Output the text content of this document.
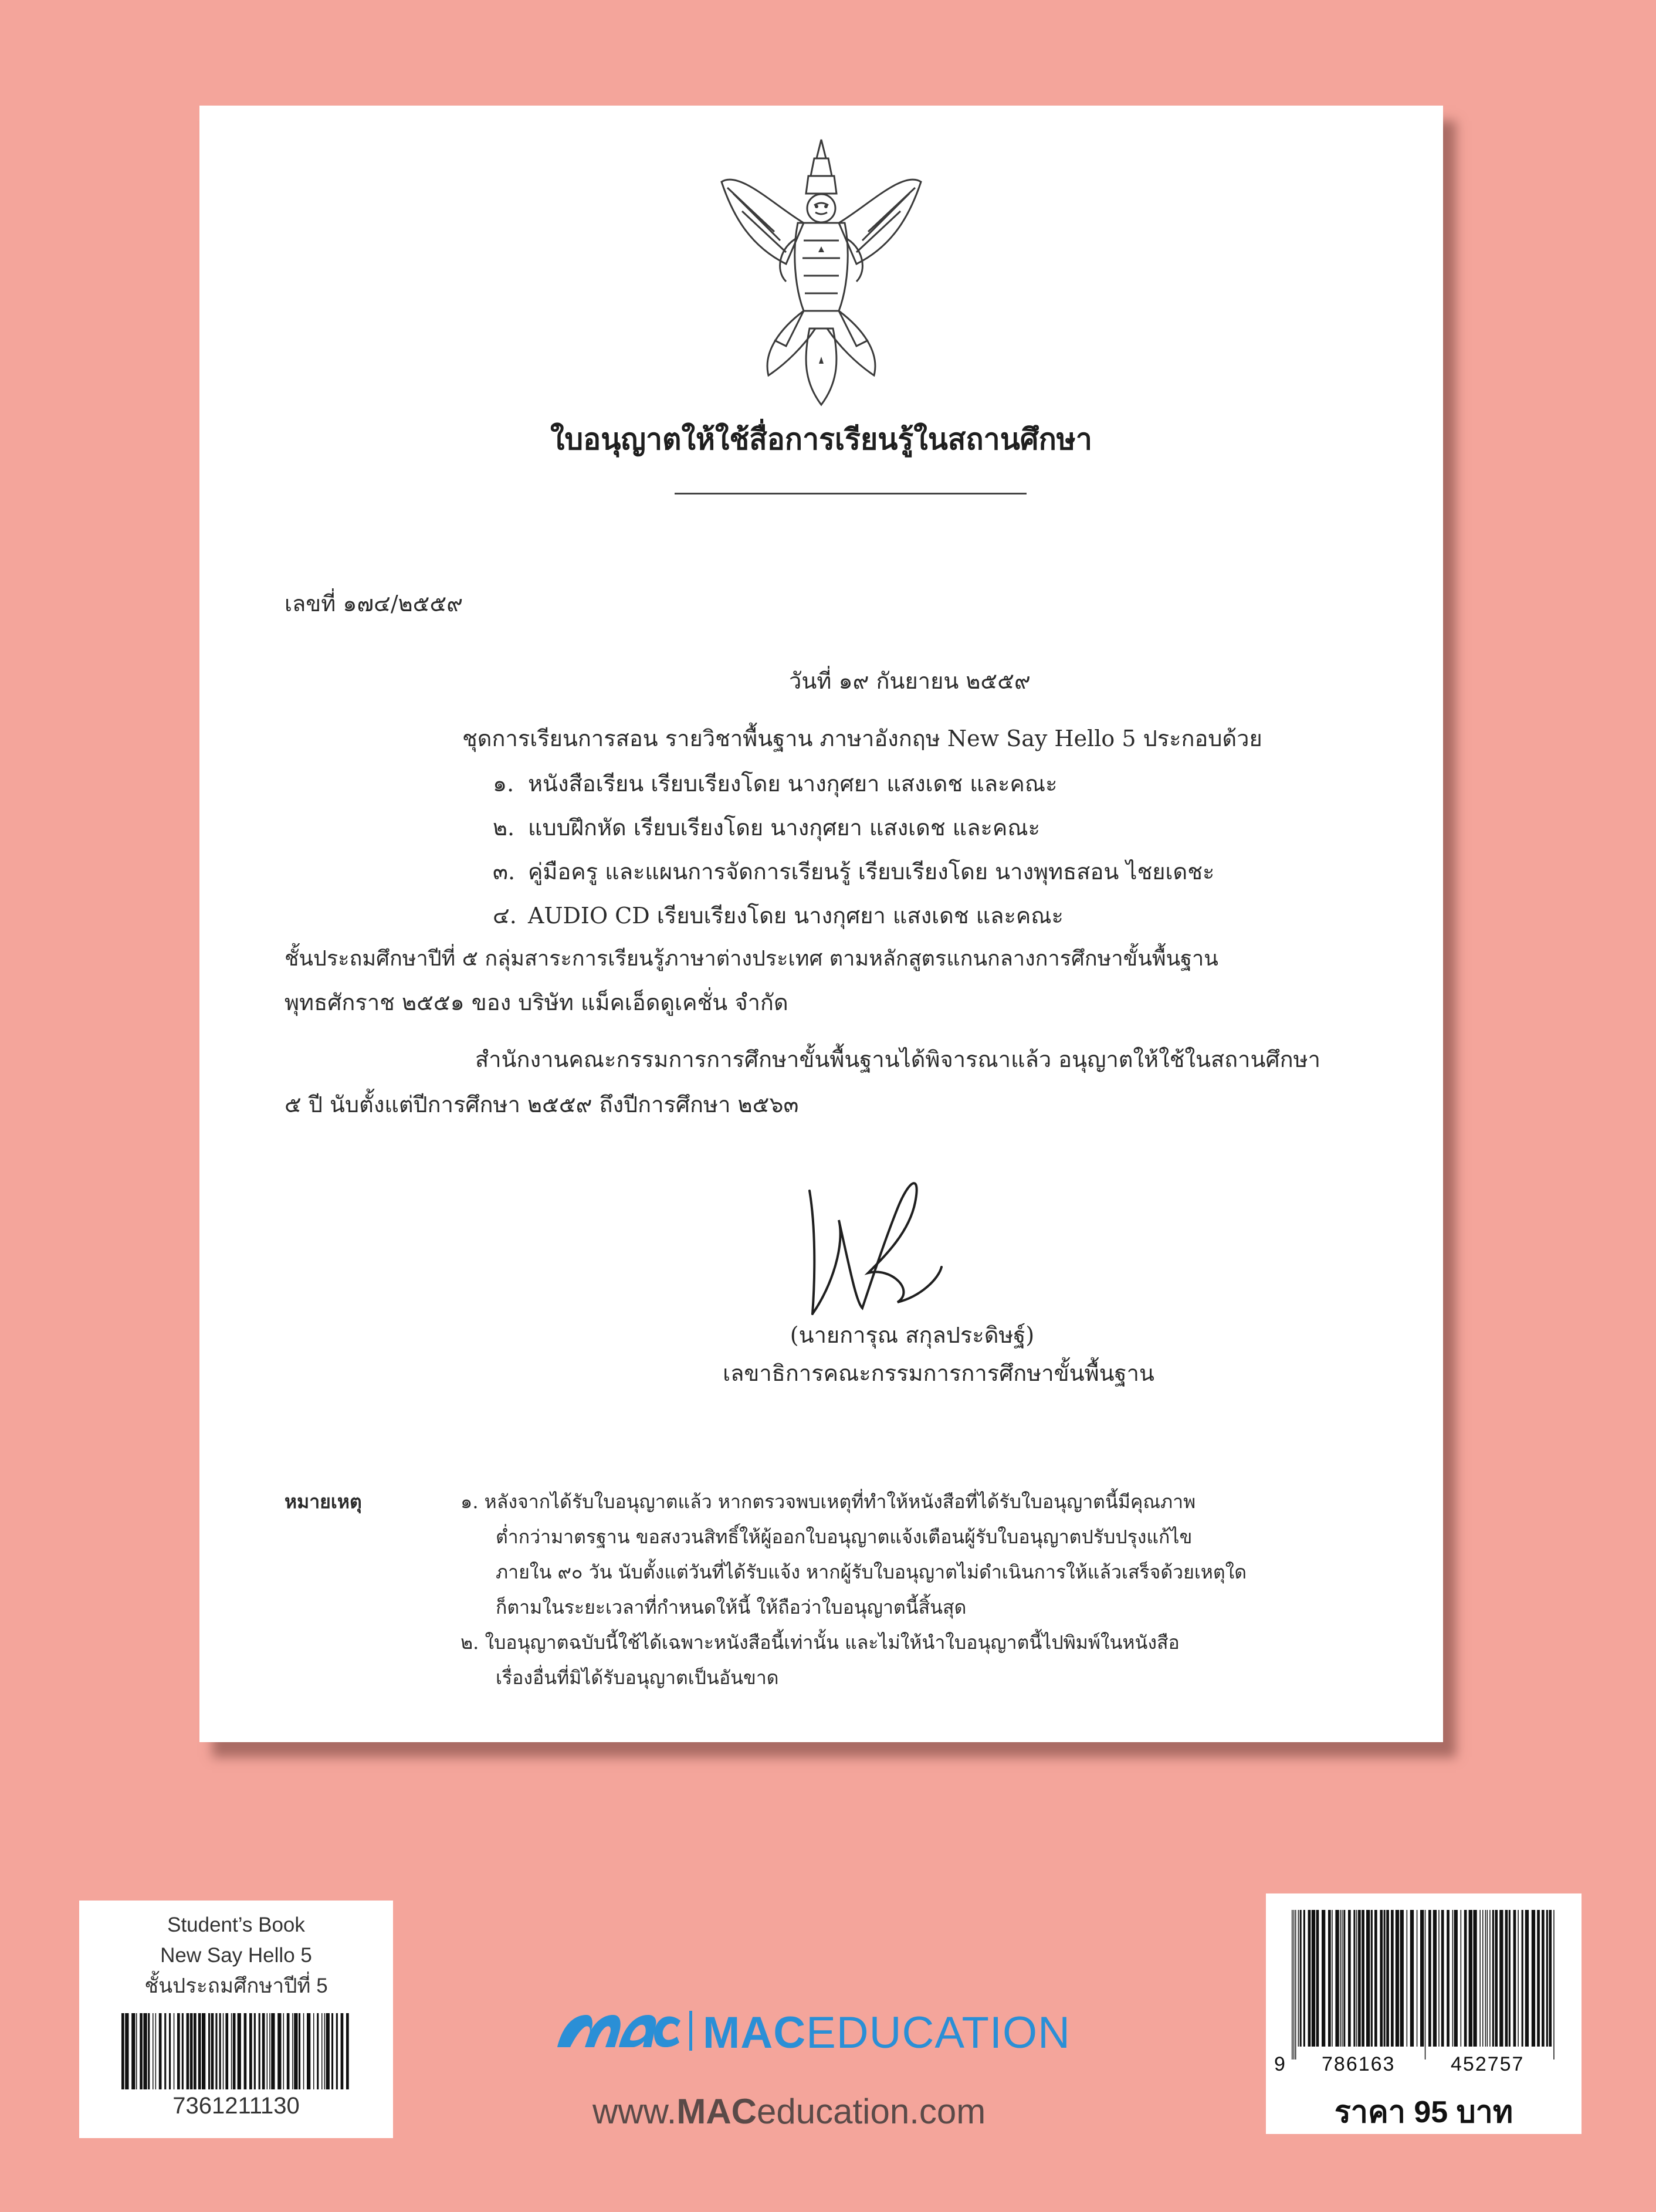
ใบอนุญาตให้ใช้สื่อการเรียนรู้ในสถานศึกษา
เลขที่ ๑๗๔/๒๕๕๙
วันที่ ๑๙ กันยายน ๒๕๕๙
ชุดการเรียนการสอน รายวิชาพื้นฐาน ภาษาอังกฤษ New Say Hello 5 ประกอบด้วย
๑. หนังสือเรียน เรียบเรียงโดย นางกุศยา แสงเดช และคณะ
๒. แบบฝึกหัด เรียบเรียงโดย นางกุศยา แสงเดช และคณะ
๓. คู่มือครู และแผนการจัดการเรียนรู้ เรียบเรียงโดย นางพุทธสอน ไชยเดชะ
๔. AUDIO CD เรียบเรียงโดย นางกุศยา แสงเดช และคณะ
ชั้นประถมศึกษาปีที่ ๕ กลุ่มสาระการเรียนรู้ภาษาต่างประเทศ ตามหลักสูตรแกนกลางการศึกษาขั้นพื้นฐาน
พุทธศักราช ๒๕๕๑ ของ บริษัท แม็คเอ็ดดูเคชั่น จำกัด
สำนักงานคณะกรรมการการศึกษาขั้นพื้นฐานได้พิจารณาแล้ว อนุญาตให้ใช้ในสถานศึกษา
๕ ปี นับตั้งแต่ปีการศึกษา ๒๕๕๙ ถึงปีการศึกษา ๒๕๖๓
(นายการุณ สกุลประดิษฐ์)
เลขาธิการคณะกรรมการการศึกษาขั้นพื้นฐาน
หมายเหตุ	๑. หลังจากได้รับใบอนุญาตแล้ว หากตรวจพบเหตุที่ทำให้หนังสือที่ได้รับใบอนุญาตนี้มีคุณภาพ
ต่ำกว่ามาตรฐาน ขอสงวนสิทธิ์ให้ผู้ออกใบอนุญาตแจ้งเตือนผู้รับใบอนุญาตปรับปรุงแก้ไข
ภายใน ๙๐ วัน นับตั้งแต่วันที่ได้รับแจ้ง หากผู้รับใบอนุญาตไม่ดำเนินการให้แล้วเสร็จด้วยเหตุใด
ก็ตามในระยะเวลาที่กำหนดให้นี้ ให้ถือว่าใบอนุญาตนี้สิ้นสุด
๒. ใบอนุญาตฉบับนี้ใช้ได้เฉพาะหนังสือนี้เท่านั้น และไม่ให้นำใบอนุญาตนี้ไปพิมพ์ในหนังสือ
เรื่องอื่นที่มิได้รับอนุญาตเป็นอันขาด
Student’s Book
New Say Hello 5
ชั้นประถมศึกษาปีที่ 5
7361211130
MACEDUCATION
www.MACeducation.com
9 786163	452757
ราคา 95 บาท
